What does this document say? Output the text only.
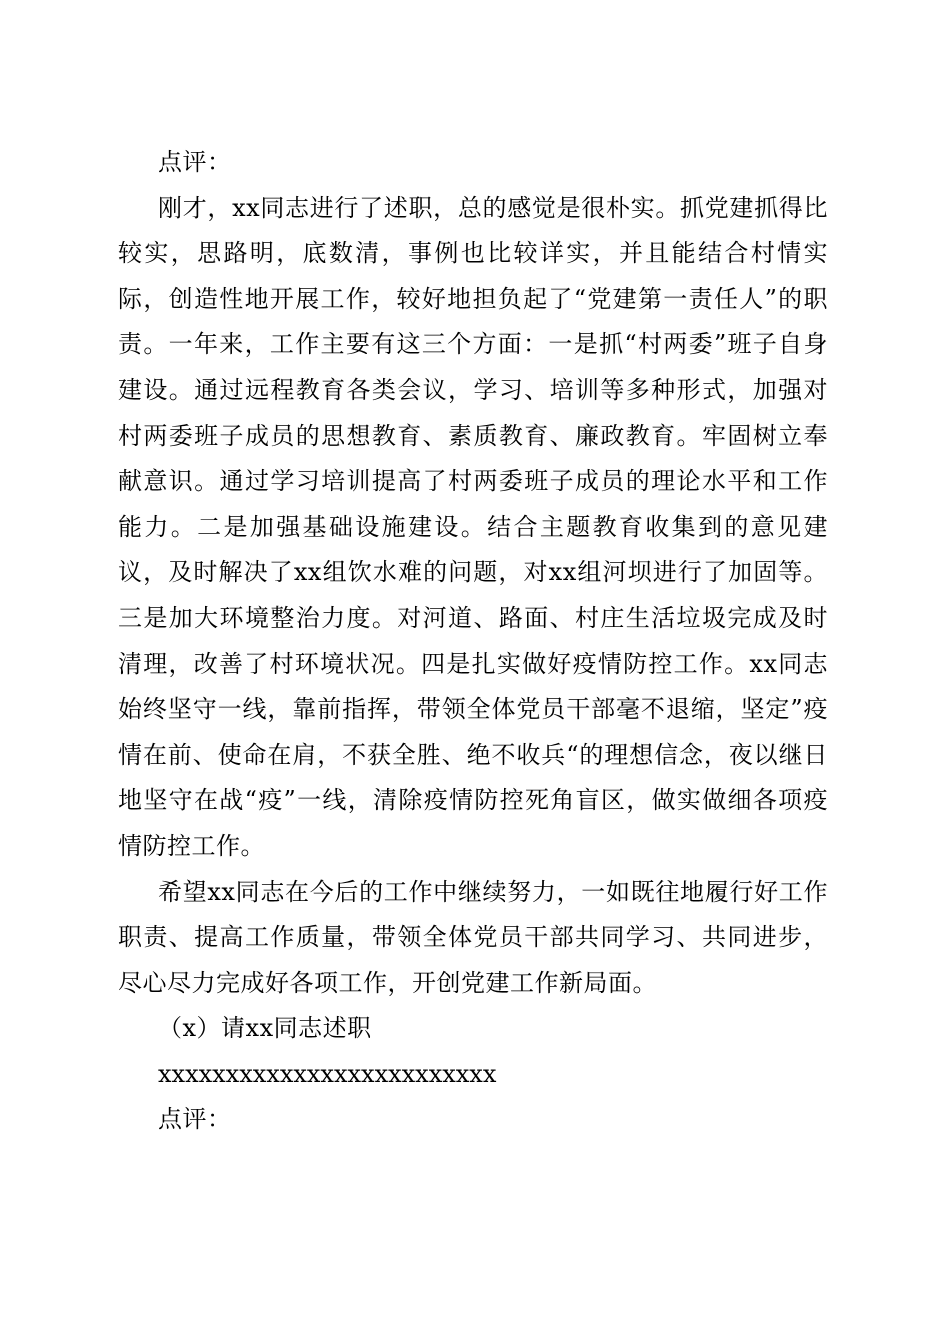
点评：

刚才，xx同志进行了述职，总的感觉是很朴实。抓党建抓得比较实，思路明，底数清，事例也比较详实，并且能结合村情实际，创造性地开展工作，较好地担负起了“党建第一责任人”的职责。一年来，工作主要有这三个方面：一是抓“村两委”班子自身建设。通过远程教育各类会议，学习、培训等多种形式，加强对村两委班子成员的思想教育、素质教育、廉政教育。牢固树立奉献意识。通过学习培训提高了村两委班子成员的理论水平和工作能力。二是加强基础设施建设。结合主题教育收集到的意见建议，及时解决了xx组饮水难的问题，对xx组河坝进行了加固等。三是加大环境整治力度。对河道、路面、村庄生活垃圾完成及时清理，改善了村环境状况。四是扎实做好疫情防控工作。xx同志始终坚守一线，靠前指挥，带领全体党员干部毫不退缩，坚定”疫情在前、使命在肩，不获全胜、绝不收兵“的理想信念，夜以继日地坚守在战“疫”一线，清除疫情防控死角盲区，做实做细各项疫情防控工作。

希望xx同志在今后的工作中继续努力，一如既往地履行好工作职责、提高工作质量，带领全体党员干部共同学习、共同进步，尽心尽力完成好各项工作，开创党建工作新局面。

（x）请xx同志述职

xxxxxxxxxxxxxxxxxxxxxxxxx

点评：
